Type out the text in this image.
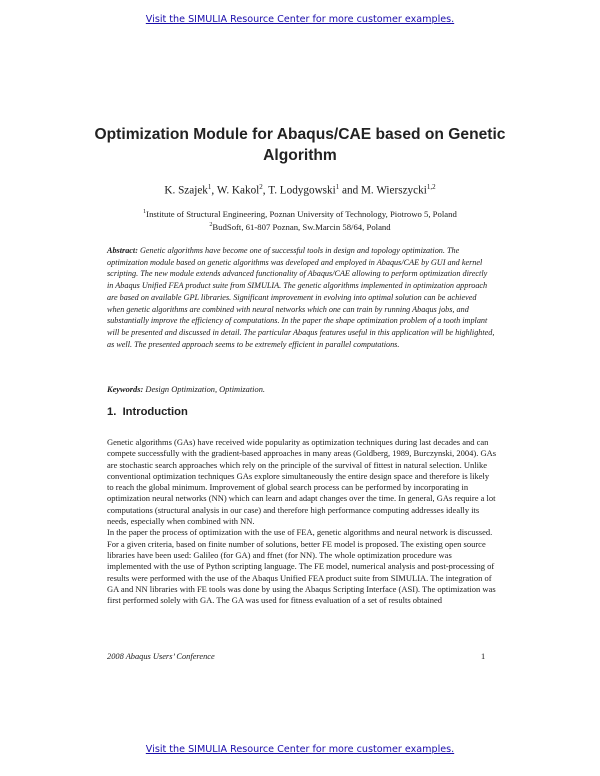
Visit the SIMULIA Resource Center for more customer examples.
Optimization Module for Abaqus/CAE based on Genetic Algorithm
K. Szajek$^1$, W. Kakol$^2$, T. Lodygowski$^1$ and M. Wierszycki$^{1,2}$
$^1$Institute of Structural Engineering, Poznan University of Technology, Piotrowo 5, Poland
$^2$BudSoft, 61-807 Poznan, Sw.Marcin 58/64, Poland
Abstract: Genetic algorithms have become one of successful tools in design and topology optimization. The optimization module based on genetic algorithms was developed and employed in Abaqus/CAE by GUI and kernel scripting. The new module extends advanced functionality of Abaqus/CAE allowing to perform optimization directly in Abaqus Unified FEA product suite from SIMULIA. The genetic algorithms implemented in optimization approach are based on available GPL libraries. Significant improvement in evolving into optimal solution can be achieved when genetic algorithms are combined with neural networks which one can train by running Abaqus jobs, and substantially improve the efficiency of computations. In the paper the shape optimization problem of a tooth implant will be presented and discussed in detail. The particular Abaqus features useful in this application will be highlighted, as well. The presented approach seems to be extremely efficient in parallel computations.
Keywords: Design Optimization, Optimization.
1. Introduction

Genetic algorithms (GAs) have received wide popularity as optimization techniques during last decades and can compete successfully with the gradient-based approaches in many areas (Goldberg, 1989, Burczynski, 2004). GAs are stochastic search approaches which rely on the principle of the survival of fittest in natural selection. Unlike conventional optimization techniques GAs explore simultaneously the entire design space and therefore is likely to reach the global minimum. Improvement of global search process can be performed by incorporating in optimization neural networks (NN) which can learn and adapt changes over the time. In general, GAs require a lot computations (structural analysis in our case) and therefore high performance computing addresses ideally its needs, especially when combined with NN.

In the paper the process of optimization with the use of FEA, genetic algorithms and neural network is discussed. For a given criteria, based on finite number of solutions, better FE model is proposed. The existing open source libraries have been used: Galileo (for GA) and ffnet (for NN). The whole optimization procedure was implemented with the use of Python scripting language. The FE model, numerical analysis and post-processing of results were performed with the use of the Abaqus Unified FEA product suite from SIMULIA. The integration of GA and NN libraries with FE tools was done by using the Abaqus Scripting Interface (ASI). The optimization was first performed solely with GA. The GA was used for fitness evaluation of a set of results obtained

2008 Abaqus Users’ Conference	1
Visit the SIMULIA Resource Center for more customer examples.
